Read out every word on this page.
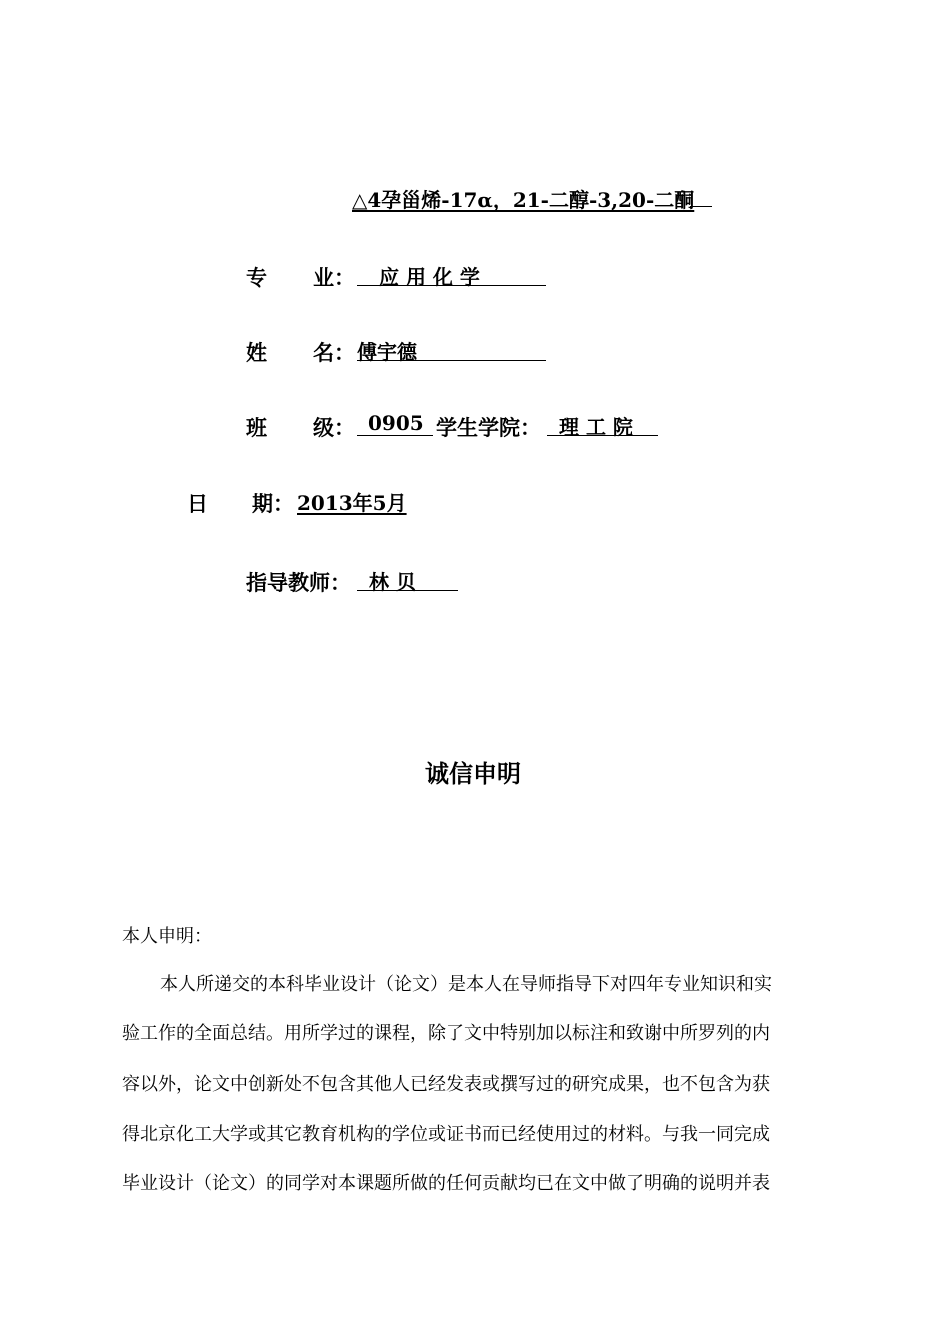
△4孕甾烯-17α，21-二醇-3,20-二酮
专 业： 应 用 化 学
姓 名： 傅宇德
班 级： 0905 学生学院： 理 工 院
日 期： 2013年5月
指导教师： 林 贝
诚信申明
本人申明：
本人所递交的本科毕业设计（论文）是本人在导师指导下对四年专业知识和实
验工作的全面总结。用所学过的课程，除了文中特别加以标注和致谢中所罗列的内
容以外，论文中创新处不包含其他人已经发表或撰写过的研究成果，也不包含为获
得北京化工大学或其它教育机构的学位或证书而已经使用过的材料。与我一同完成
毕业设计（论文）的同学对本课题所做的任何贡献均已在文中做了明确的说明并表
